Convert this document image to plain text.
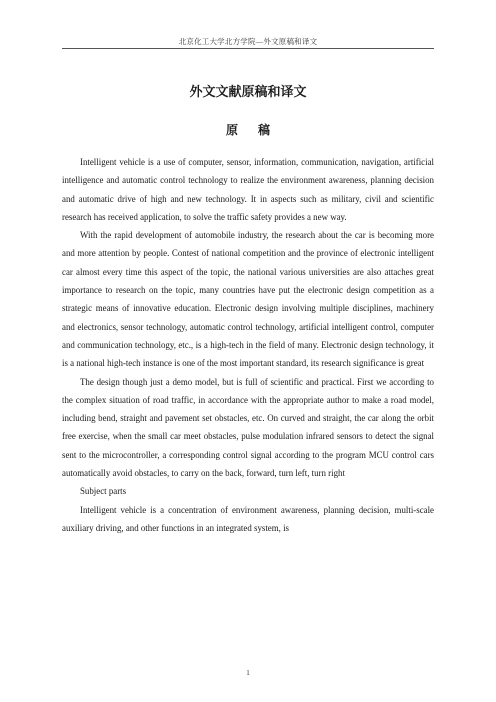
北京化工大学北方学院—外文原稿和译文
外文文献原稿和译文
原稿

Intelligent vehicle is a use of computer, sensor, information, communication, navigation, artificial intelligence and automatic control technology to realize the environment awareness, planning decision and automatic drive of high and new technology. It in aspects such as military, civil and scientific research has received application, to solve the traffic safety provides a new way.

With the rapid development of automobile industry, the research about the car is becoming more and more attention by people. Contest of national competition and the province of electronic intelligent car almost every time this aspect of the topic, the national various universities are also attaches great importance to research on the topic, many countries have put the electronic design competition as a strategic means of innovative education. Electronic design involving multiple disciplines, machinery and electronics, sensor technology, automatic control technology, artificial intelligent control, computer and communication technology, etc., is a high-tech in the field of many. Electronic design technology, it is a national high-tech instance is one of the most important standard, its research significance is great

The design though just a demo model, but is full of scientific and practical. First we according to the complex situation of road traffic, in accordance with the appropriate author to make a road model, including bend, straight and pavement set obstacles, etc. On curved and straight, the car along the orbit free exercise, when the small car meet obstacles, pulse modulation infrared sensors to detect the signal sent to the microcontroller, a corresponding control signal according to the program MCU control cars automatically avoid obstacles, to carry on the back, forward, turn left, turn right

Subject parts

Intelligent vehicle is a concentration of environment awareness, planning decision, multi-scale auxiliary driving, and other functions in an integrated system, is

1
